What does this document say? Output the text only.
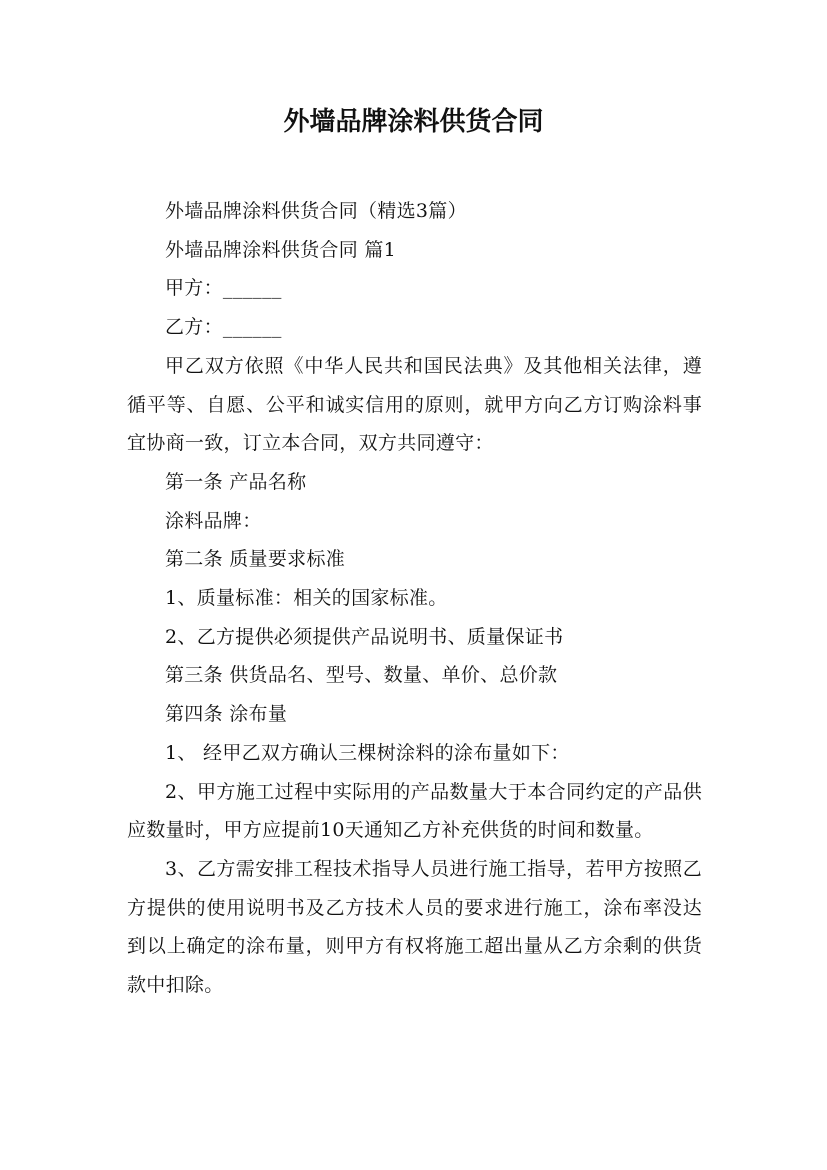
外墙品牌涂料供货合同

外墙品牌涂料供货合同（精选3篇）

外墙品牌涂料供货合同 篇1

甲方：______

乙方：______

甲乙双方依照《中华人民共和国民法典》及其他相关法律，遵循平等、自愿、公平和诚实信用的原则，就甲方向乙方订购涂料事宜协商一致，订立本合同，双方共同遵守：

第一条 产品名称

涂料品牌：

第二条 质量要求标准

1、质量标准：相关的国家标准。

2、乙方提供必须提供产品说明书、质量保证书

第三条 供货品名、型号、数量、单价、总价款

第四条 涂布量

1、 经甲乙双方确认三棵树涂料的涂布量如下：

2、甲方施工过程中实际用的产品数量大于本合同约定的产品供应数量时，甲方应提前10天通知乙方补充供货的时间和数量。

3、乙方需安排工程技术指导人员进行施工指导，若甲方按照乙方提供的使用说明书及乙方技术人员的要求进行施工，涂布率没达到以上确定的涂布量，则甲方有权将施工超出量从乙方余剩的供货款中扣除。
